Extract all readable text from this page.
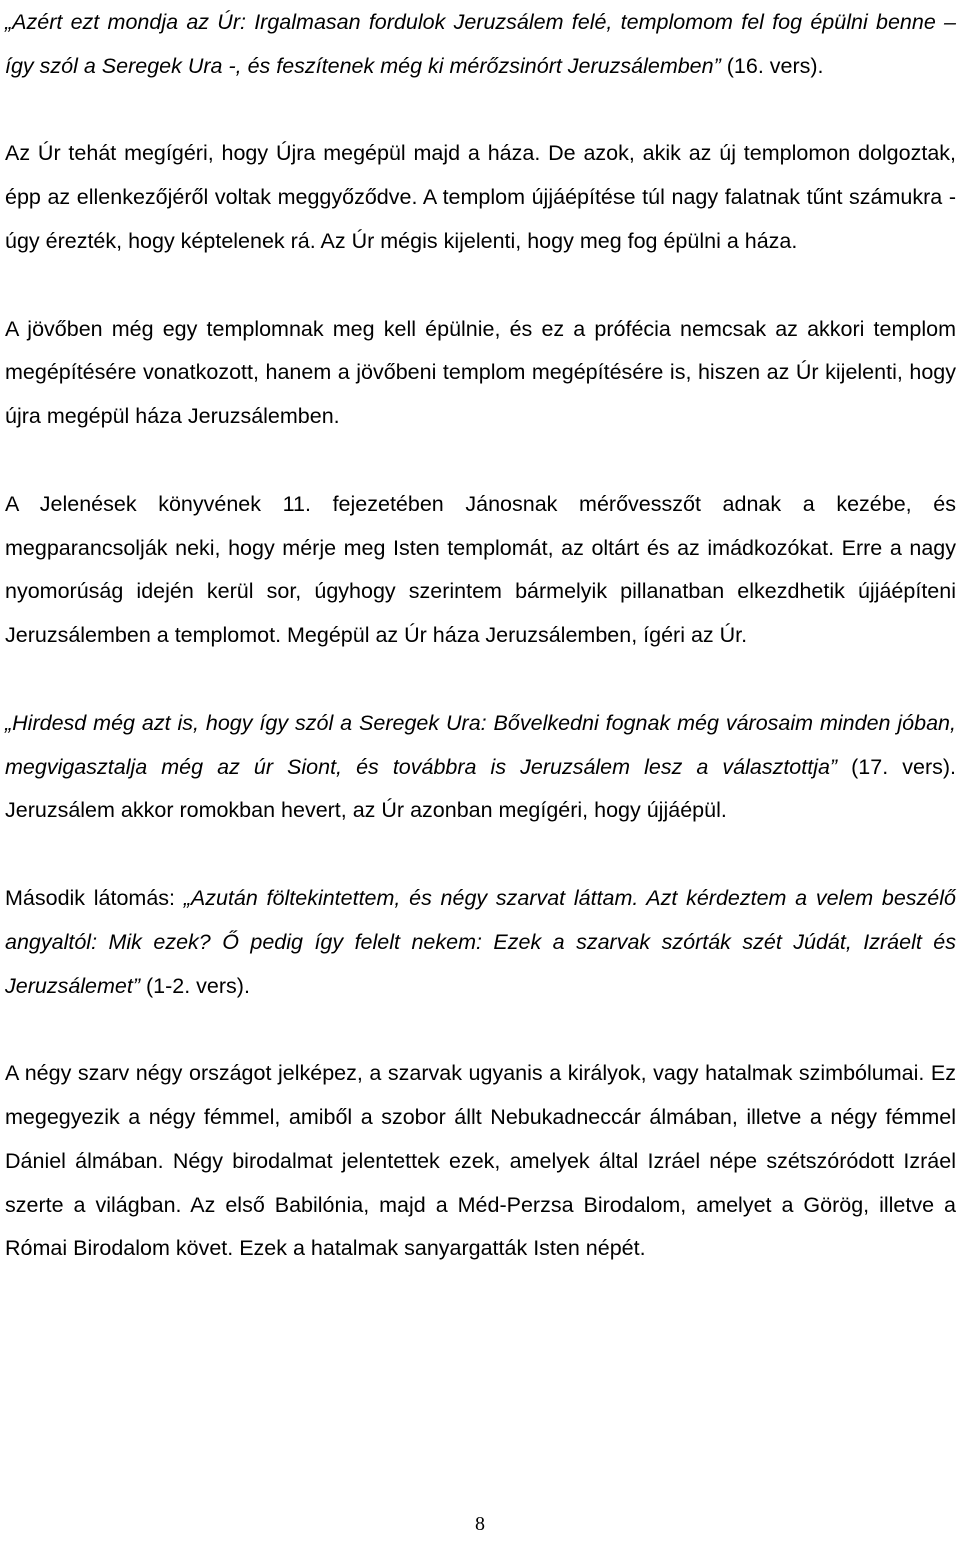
„Azért ezt mondja az Úr: Irgalmasan fordulok Jeruzsálem felé, templomom fel fog épülni benne – így szól a Seregek Ura -, és feszítenek még ki mérőzsinórt Jeruzsálemben” (16. vers).

Az Úr tehát megígéri, hogy Újra megépül majd a háza. De azok, akik az új templomon dolgoztak, épp az ellenkezőjéről voltak meggyőződve. A templom újjáépítése túl nagy falatnak tűnt számukra - úgy érezték, hogy képtelenek rá. Az Úr mégis kijelenti, hogy meg fog épülni a háza.

A jövőben még egy templomnak meg kell épülnie, és ez a prófécia nemcsak az akkori templom megépítésére vonatkozott, hanem a jövőbeni templom megépítésére is, hiszen az Úr kijelenti, hogy újra megépül háza Jeruzsálemben.

A Jelenések könyvének 11. fejezetében Jánosnak mérővesszőt adnak a kezébe, és megparancsolják neki, hogy mérje meg Isten templomát, az oltárt és az imádkozókat. Erre a nagy nyomorúság idején kerül sor, úgyhogy szerintem bármelyik pillanatban elkezdhetik újjáépíteni Jeruzsálemben a templomot. Megépül az Úr háza Jeruzsálemben, ígéri az Úr.

„Hirdesd még azt is, hogy így szól a Seregek Ura: Bővelkedni fognak még városaim minden jóban, megvigasztalja még az úr Siont, és továbbra is Jeruzsálem lesz a választottja” (17. vers). Jeruzsálem akkor romokban hevert, az Úr azonban megígéri, hogy újjáépül.

Második látomás: „Azután föltekintettem, és négy szarvat láttam. Azt kérdeztem a velem beszélő angyaltól: Mik ezek? Ő pedig így felelt nekem: Ezek a szarvak szórták szét Júdát, Izráelt és Jeruzsálemet” (1-2. vers).

A négy szarv négy országot jelképez, a szarvak ugyanis a királyok, vagy hatalmak szimbólumai. Ez megegyezik a négy fémmel, amiből a szobor állt Nebukadneccár álmában, illetve a négy fémmel Dániel álmában. Négy birodalmat jelentettek ezek, amelyek által Izráel népe szétszóródott Izráel szerte a világban. Az első Babilónia, majd a Méd-Perzsa Birodalom, amelyet a Görög, illetve a Római Birodalom követ. Ezek a hatalmak sanyargatták Isten népét.

8
